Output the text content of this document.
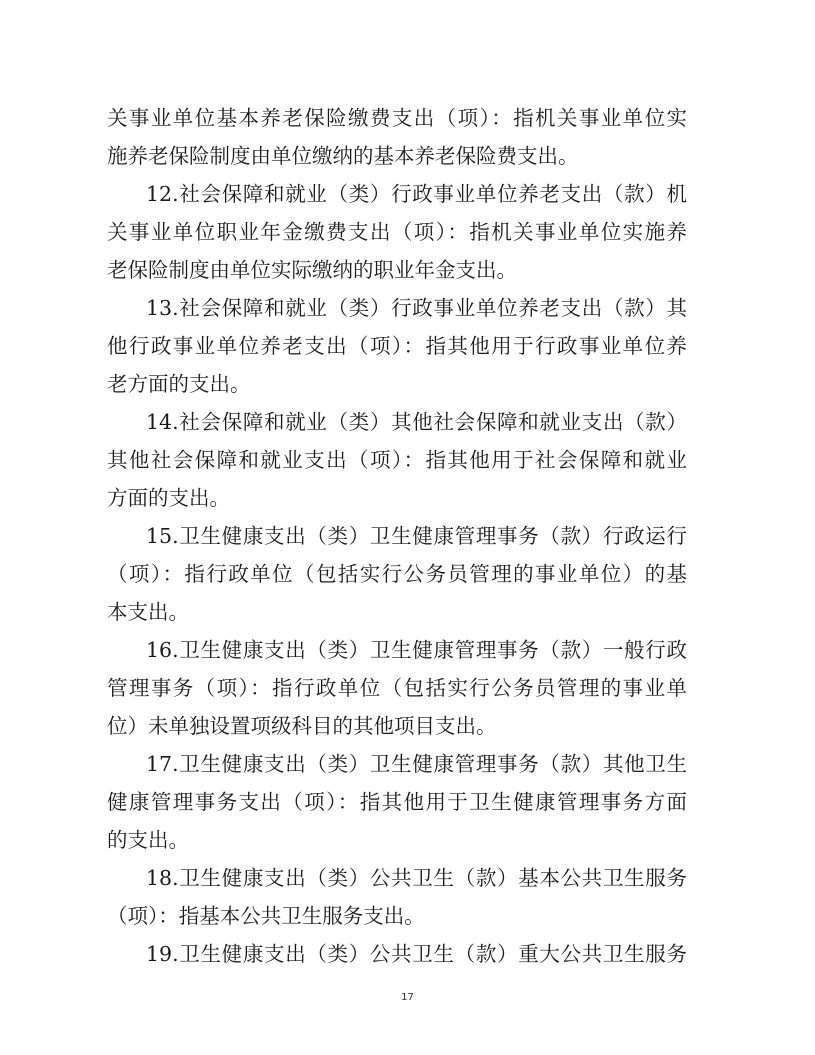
关事业单位基本养老保险缴费支出（项）：指机关事业单位实
施养老保险制度由单位缴纳的基本养老保险费支出。
12.社会保障和就业（类）行政事业单位养老支出（款）机
关事业单位职业年金缴费支出（项）：指机关事业单位实施养
老保险制度由单位实际缴纳的职业年金支出。
13.社会保障和就业（类）行政事业单位养老支出（款）其
他行政事业单位养老支出（项）：指其他用于行政事业单位养
老方面的支出。
14.社会保障和就业（类）其他社会保障和就业支出（款）
其他社会保障和就业支出（项）：指其他用于社会保障和就业
方面的支出。
15.卫生健康支出（类）卫生健康管理事务（款）行政运行
（项）：指行政单位（包括实行公务员管理的事业单位）的基
本支出。
16.卫生健康支出（类）卫生健康管理事务（款）一般行政
管理事务（项）：指行政单位（包括实行公务员管理的事业单
位）未单独设置项级科目的其他项目支出。
17.卫生健康支出（类）卫生健康管理事务（款）其他卫生
健康管理事务支出（项）：指其他用于卫生健康管理事务方面
的支出。
18.卫生健康支出（类）公共卫生（款）基本公共卫生服务
（项）：指基本公共卫生服务支出。
19.卫生健康支出（类）公共卫生（款）重大公共卫生服务
17
